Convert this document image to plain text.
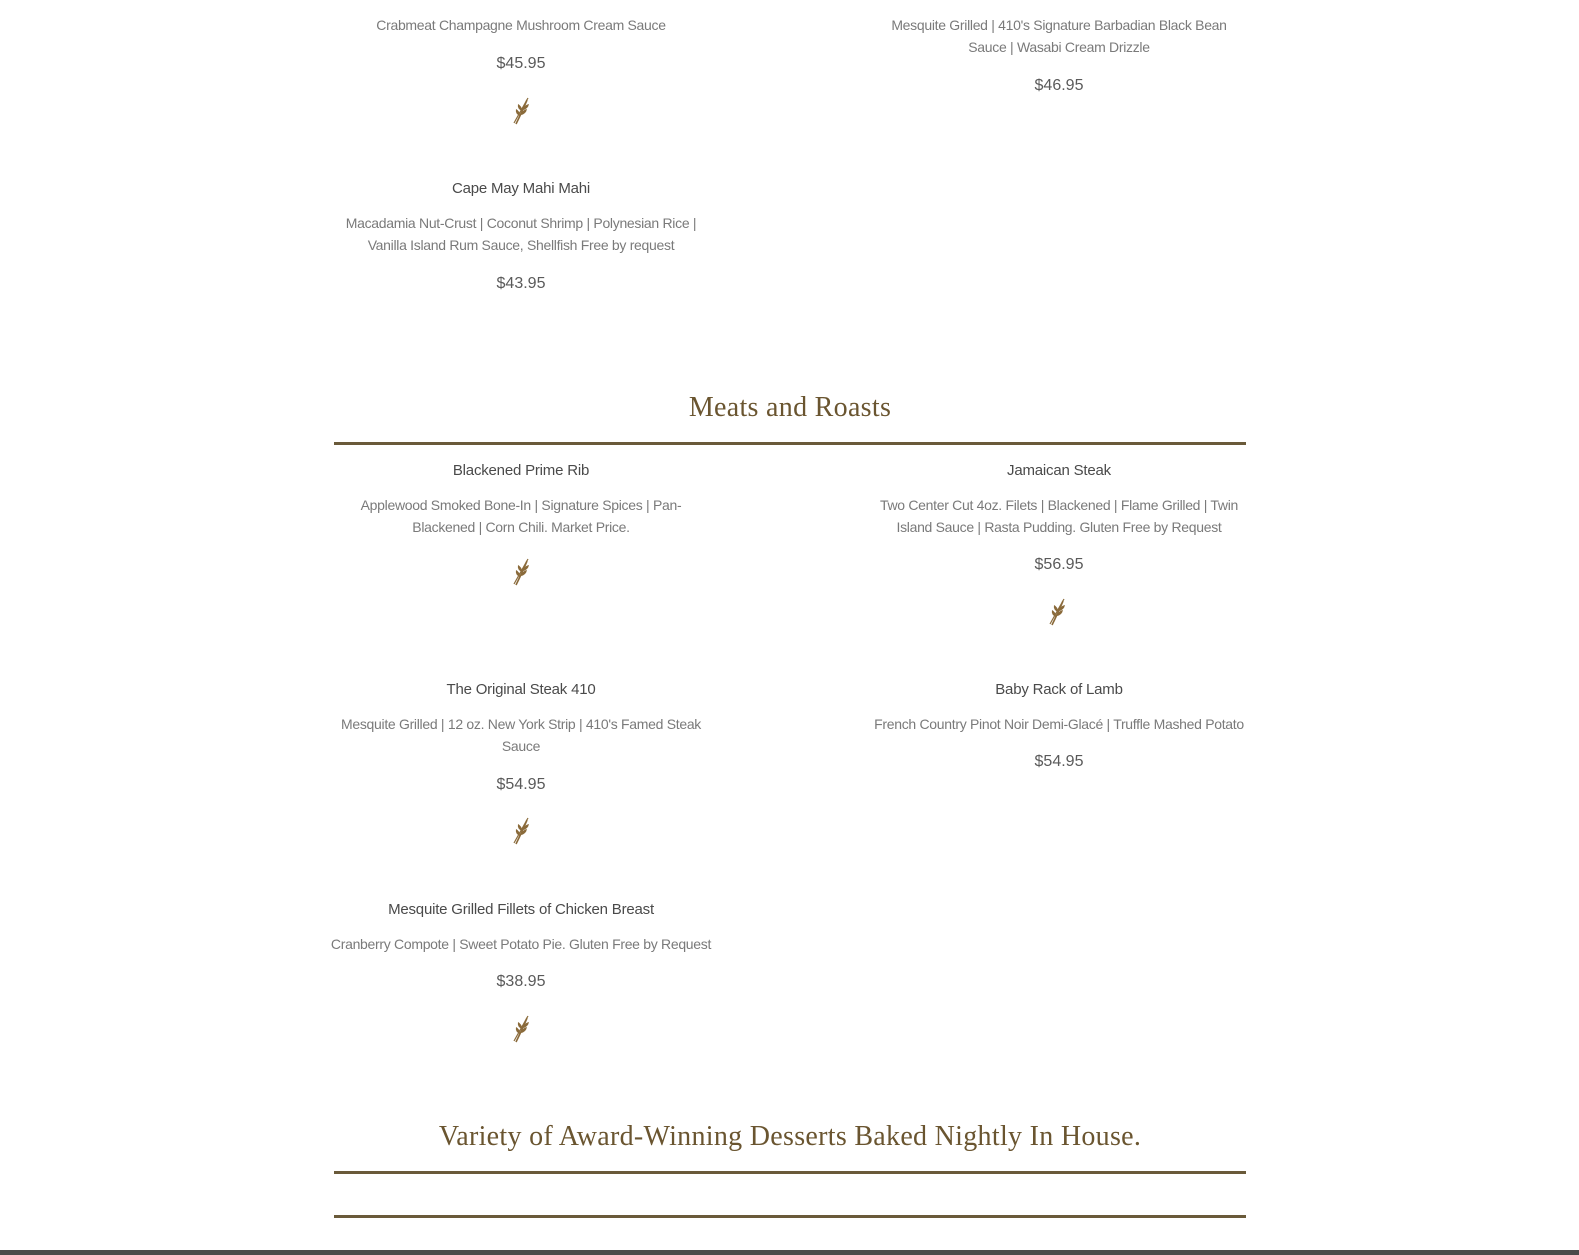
Crabmeat Champagne Mushroom Cream Sauce
$45.95
Mesquite Grilled | 410's Signature Barbadian Black Bean Sauce | Wasabi Cream Drizzle
$46.95
Cape May Mahi Mahi
Macadamia Nut-Crust | Coconut Shrimp | Polynesian Rice | Vanilla Island Rum Sauce, Shellfish Free by request
$43.95
Meats and Roasts
Blackened Prime Rib
Applewood Smoked Bone-In | Signature Spices | Pan-Blackened | Corn Chili. Market Price.
Jamaican Steak
Two Center Cut 4oz. Filets | Blackened | Flame Grilled | Twin Island Sauce | Rasta Pudding. Gluten Free by Request
$56.95
The Original Steak 410
Mesquite Grilled | 12 oz. New York Strip | 410's Famed Steak Sauce
$54.95
Baby Rack of Lamb
French Country Pinot Noir Demi-Glacé | Truffle Mashed Potato
$54.95
Mesquite Grilled Fillets of Chicken Breast
Cranberry Compote | Sweet Potato Pie. Gluten Free by Request
$38.95
Variety of Award-Winning Desserts Baked Nightly In House.
